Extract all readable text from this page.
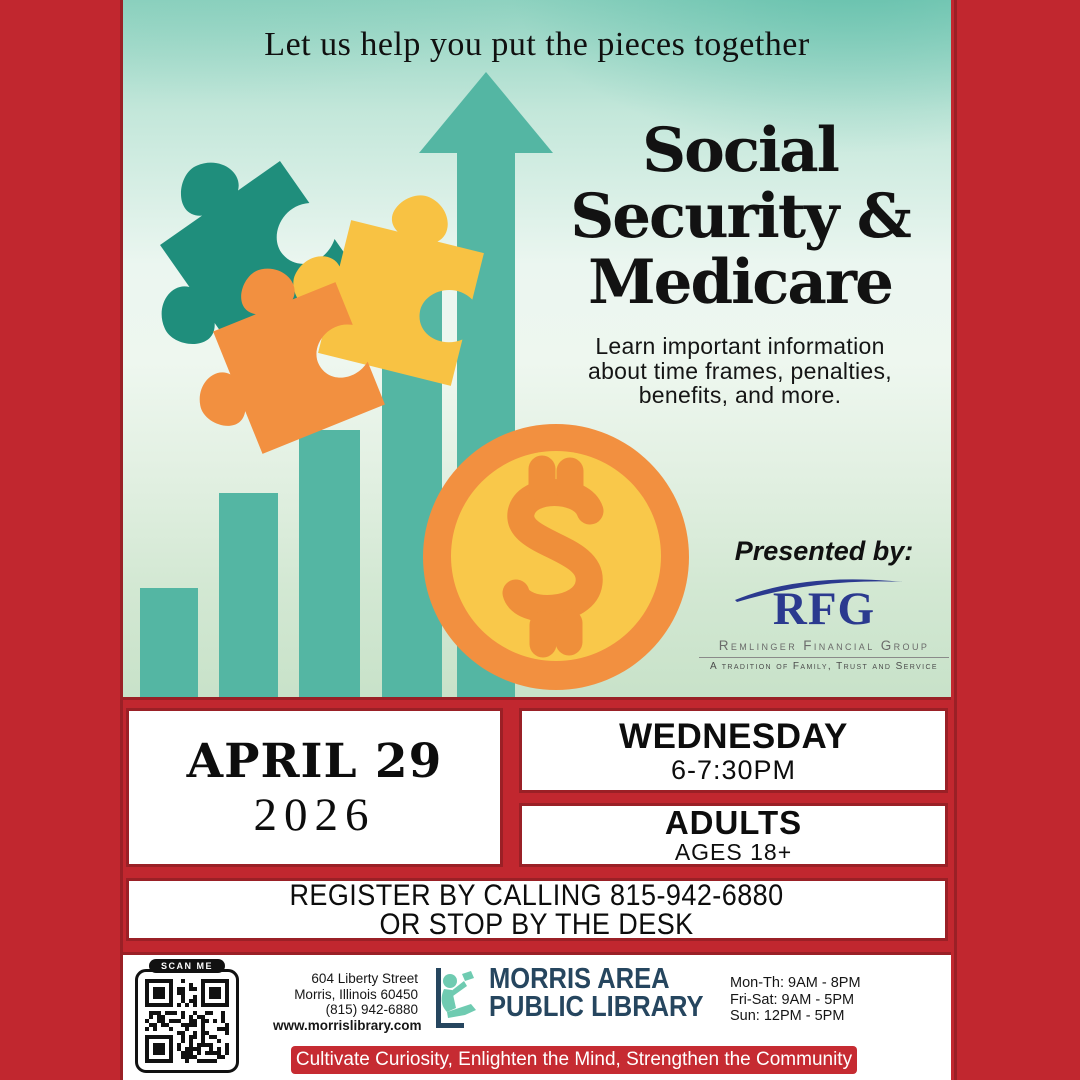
Let us help you put the pieces together
Social
Security &
Medicare
Learn important information
about time frames, penalties,
benefits, and more.
Presented by:
RFG
Remlinger Financial Group
A tradition of Family, Trust and Service
APRIL 29
2026
WEDNESDAY
6-7:30PM
ADULTS
AGES 18+
REGISTER BY CALLING 815-942-6880
OR STOP BY THE DESK
SCAN ME
604 Liberty Street
Morris, Illinois 60450
(815) 942-6880
www.morrislibrary.com
MORRIS AREA
PUBLIC LIBRARY
Mon-Th: 9AM - 8PM
Fri-Sat: 9AM - 5PM
Sun: 12PM - 5PM
Cultivate Curiosity, Enlighten the Mind, Strengthen the Community
